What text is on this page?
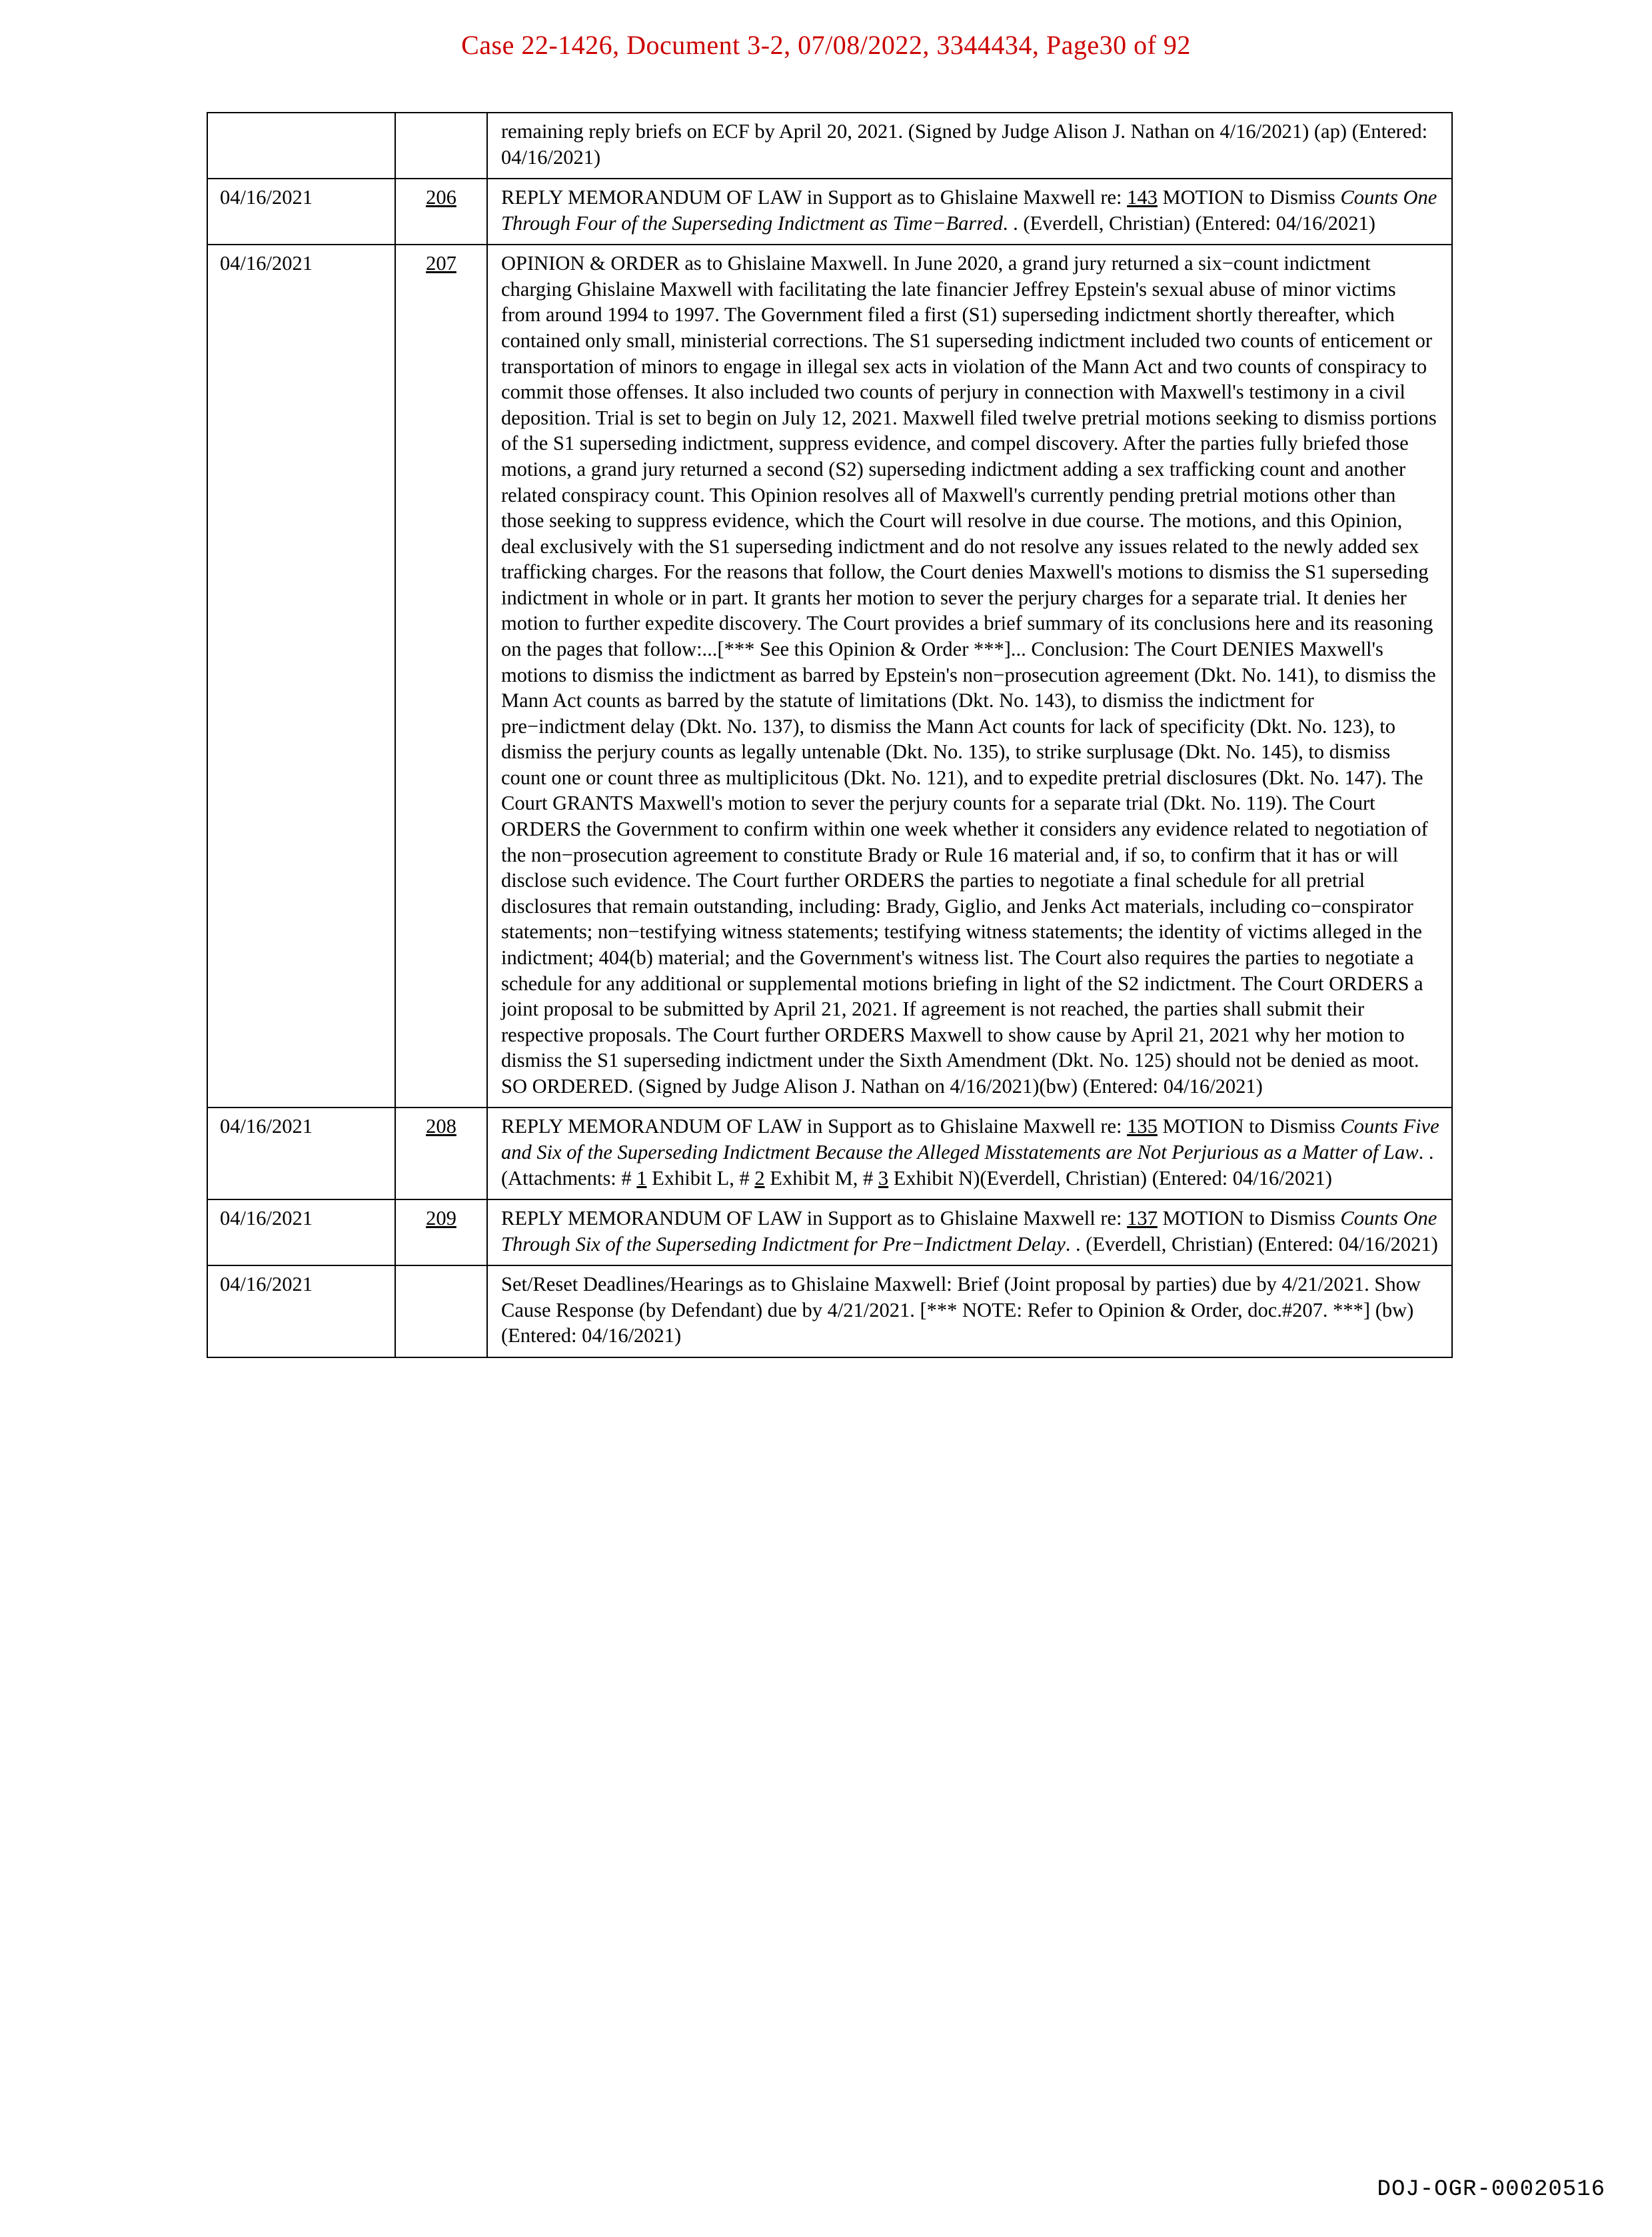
Case 22-1426, Document 3-2, 07/08/2022, 3344434, Page30 of 92

		remaining reply briefs on ECF by April 20, 2021. (Signed by Judge Alison J. Nathan on 4/16/2021) (ap) (Entered: 04/16/2021)

04/16/2021	206	REPLY MEMORANDUM OF LAW in Support as to Ghislaine Maxwell re: 143 MOTION to Dismiss Counts One Through Four of the Superseding Indictment as Time−Barred. . (Everdell, Christian) (Entered: 04/16/2021)

04/16/2021	207	OPINION & ORDER as to Ghislaine Maxwell. In June 2020, a grand jury returned a six−count indictment charging Ghislaine Maxwell with facilitating the late financier Jeffrey Epstein's sexual abuse of minor victims from around 1994 to 1997. The Government filed a first (S1) superseding indictment shortly thereafter, which contained only small, ministerial corrections. The S1 superseding indictment included two counts of enticement or transportation of minors to engage in illegal sex acts in violation of the Mann Act and two counts of conspiracy to commit those offenses. It also included two counts of perjury in connection with Maxwell's testimony in a civil deposition. Trial is set to begin on July 12, 2021. Maxwell filed twelve pretrial motions seeking to dismiss portions of the S1 superseding indictment, suppress evidence, and compel discovery. After the parties fully briefed those motions, a grand jury returned a second (S2) superseding indictment adding a sex trafficking count and another related conspiracy count. This Opinion resolves all of Maxwell's currently pending pretrial motions other than those seeking to suppress evidence, which the Court will resolve in due course. The motions, and this Opinion, deal exclusively with the S1 superseding indictment and do not resolve any issues related to the newly added sex trafficking charges. For the reasons that follow, the Court denies Maxwell's motions to dismiss the S1 superseding indictment in whole or in part. It grants her motion to sever the perjury charges for a separate trial. It denies her motion to further expedite discovery. The Court provides a brief summary of its conclusions here and its reasoning on the pages that follow:...[*** See this Opinion & Order ***]... Conclusion: The Court DENIES Maxwell's motions to dismiss the indictment as barred by Epstein's non−prosecution agreement (Dkt. No. 141), to dismiss the Mann Act counts as barred by the statute of limitations (Dkt. No. 143), to dismiss the indictment for pre−indictment delay (Dkt. No. 137), to dismiss the Mann Act counts for lack of specificity (Dkt. No. 123), to dismiss the perjury counts as legally untenable (Dkt. No. 135), to strike surplusage (Dkt. No. 145), to dismiss count one or count three as multiplicitous (Dkt. No. 121), and to expedite pretrial disclosures (Dkt. No. 147). The Court GRANTS Maxwell's motion to sever the perjury counts for a separate trial (Dkt. No. 119). The Court ORDERS the Government to confirm within one week whether it considers any evidence related to negotiation of the non−prosecution agreement to constitute Brady or Rule 16 material and, if so, to confirm that it has or will disclose such evidence. The Court further ORDERS the parties to negotiate a final schedule for all pretrial disclosures that remain outstanding, including: Brady, Giglio, and Jenks Act materials, including co−conspirator statements; non−testifying witness statements; testifying witness statements; the identity of victims alleged in the indictment; 404(b) material; and the Government's witness list. The Court also requires the parties to negotiate a schedule for any additional or supplemental motions briefing in light of the S2 indictment. The Court ORDERS a joint proposal to be submitted by April 21, 2021. If agreement is not reached, the parties shall submit their respective proposals. The Court further ORDERS Maxwell to show cause by April 21, 2021 why her motion to dismiss the S1 superseding indictment under the Sixth Amendment (Dkt. No. 125) should not be denied as moot. SO ORDERED. (Signed by Judge Alison J. Nathan on 4/16/2021)(bw) (Entered: 04/16/2021)

04/16/2021	208	REPLY MEMORANDUM OF LAW in Support as to Ghislaine Maxwell re: 135 MOTION to Dismiss Counts Five and Six of the Superseding Indictment Because the Alleged Misstatements are Not Perjurious as a Matter of Law. . (Attachments: # 1 Exhibit L, # 2 Exhibit M, # 3 Exhibit N)(Everdell, Christian) (Entered: 04/16/2021)

04/16/2021	209	REPLY MEMORANDUM OF LAW in Support as to Ghislaine Maxwell re: 137 MOTION to Dismiss Counts One Through Six of the Superseding Indictment for Pre−Indictment Delay. . (Everdell, Christian) (Entered: 04/16/2021)

04/16/2021		Set/Reset Deadlines/Hearings as to Ghislaine Maxwell: Brief (Joint proposal by parties) due by 4/21/2021. Show Cause Response (by Defendant) due by 4/21/2021. [*** NOTE: Refer to Opinion & Order, doc.#207. ***] (bw) (Entered: 04/16/2021)

DOJ-OGR-00020516
